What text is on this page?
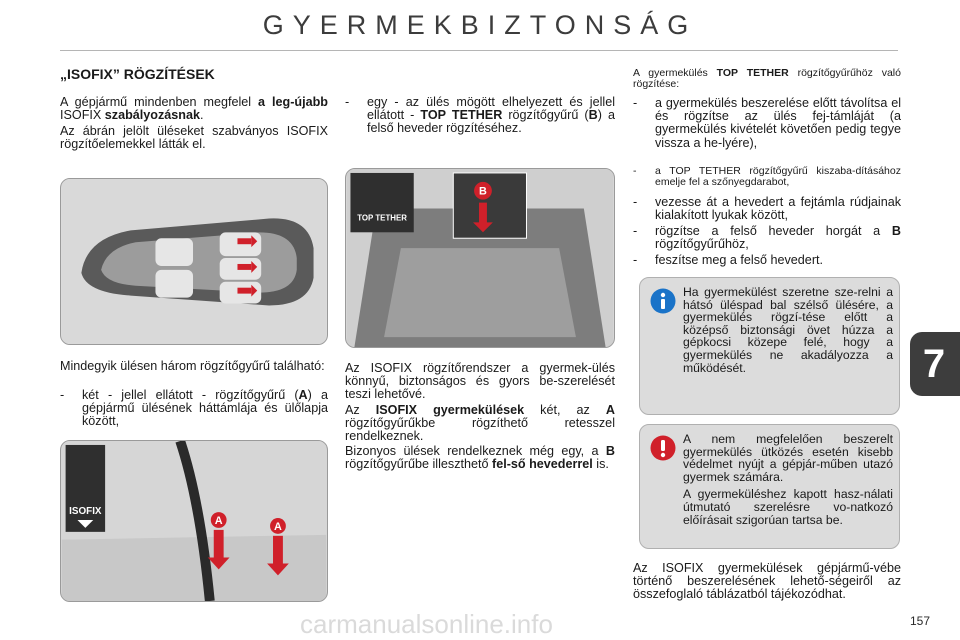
GYERMEKBIZTONSÁG
7
„ISOFIX” RÖGZÍTÉSEK
A gépjármű mindenben megfelel a leg-újabb ISOFIX szabályozásnak.
Az ábrán jelölt üléseket szabványos ISOFIX rögzítőelemekkel látták el.
Mindegyik ülésen három rögzítőgyűrű található:
-	két - jellel ellátott - rögzítőgyűrű (A) a gépjármű ülésének háttámlája és ülőlapja között,
ISOFIX
A	A
-	egy - az ülés mögött elhelyezett és jellel ellátott - TOP TETHER rögzítőgyűrű (B) a felső heveder rögzítéséhez.
TOP TETHER
B
Az ISOFIX rögzítőrendszer a gyermek-ülés könnyű, biztonságos és gyors be-szerelését teszi lehetővé.
Az ISOFIX gyermekülések két, az A rögzítőgyűrűkbe rögzíthető retesszel rendelkeznek.
Bizonyos ülések rendelkeznek még egy, a B rögzítőgyűrűbe illeszthető fel-ső hevederrel is.
A gyermekülés TOP TETHER rögzítőgyűrűhöz való rögzítése:
-	a gyermekülés beszerelése előtt távolítsa el és rögzítse az ülés fej-támláját (a gyermekülés kivételét követően pedig tegye vissza a he-lyére),
-	a TOP TETHER rögzítőgyűrű kiszaba-dításához emelje fel a szőnyegdarabot,
-	vezesse át a hevedert a fejtámla rúdjainak kialakított lyukak között,
-	rögzítse a felső heveder horgát a B rögzítőgyűrűhöz,
-	feszítse meg a felső hevedert.
Ha gyermekülést szeretne sze-relni a hátsó üléspad bal szélső ülésére, a gyermekülés rögzí-tése előtt a középső biztonsági övet húzza a gépkocsi közepe felé, hogy a gyermekülés ne akadályozza a működését.
A nem megfelelően beszerelt gyermekülés ütközés esetén kisebb védelmet nyújt a gépjár-műben utazó gyermek számára.
A gyermeküléshez kapott hasz-nálati útmutató szerelésre vo-natkozó előírásait szigorúan tartsa be.
Az ISOFIX gyermekülések gépjármű-vébe történő beszerelésének lehető-ségeiről az összefoglaló táblázatból tájékozódhat.
carmanualsonline.info	157
